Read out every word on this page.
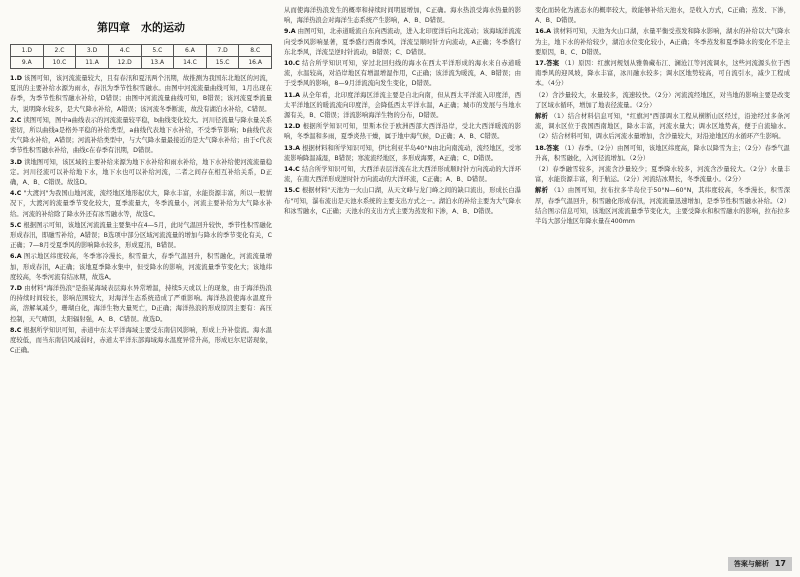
第四章　水的运动
1.D	2.C	3.D	4.C	5.C	6.A	7.D	8.C
9.A	10.C	11.A	12.D	13.A	14.C	15.C	16.A
1.D 该图可知，该河流流量较大，且有春汛和夏汛两个汛期，故推测为我国东北地区的河流，夏汛的主要补给水源为雨水，春汛为季节性积雪融水。由图中河流流量曲线可知，1月出现在春季，为季节性积雪融水补给，D错误；由图中河流流量曲线可知，B错误；该河流夏季流量大，说明降水较多，是大气降水补给，A错误；该河流冬季断流，故没有湖泊水补给，C错误。
2.C 读图可知，图中a曲线表示的河流流量较平稳，b曲线变化较大。河川径流量与降水量关系密切，所以曲线a是格外平稳的补给类型，a曲线代表地下水补给，不受季节影响；b曲线代表大气降水补给，A错误；河流补给类型中，与大气降水量最接近的是大气降水补给；由于c代表季节性积雪融水补给，曲线c在春季有汛期，D错误。
3.D 读地图可知，该区域的主要补给来源为地下水补给和雨水补给，地下水补给使河流流量稳定。河川径流可以补给地下水，地下水也可以补给河流，二者之间存在相互补给关系，D正确，A、B、C错误。故选D。
4.C "大渡河"为我国山地河流，流经地区地形起伏大，降水丰富，水能资源丰富，所以一般情况下，大渡河的流量季节变化较大，夏季流量大，冬季流量小，河流主要补给为大气降水补给。河流的补给除了降水外还有冰雪融水等，故选C。
5.C 根据图示可知，该地区河流流量主要集中在4—5月，此时气温回升较快，季节性积雪融化形成春汛，即融雪补给，A错误；B选项中部分区域河流流量的增加与降水的季节变化有关，C正确；7—8月受夏季风的影响降水较多，形成夏汛，B错误。
6.A 图示地区纬度较高，冬季寒冷漫长，积雪量大，春季气温回升，积雪融化，河流流量增加，形成春汛，A正确；该地夏季降水集中，但受降水的影响，河流流量季节变化大；该地纬度较高，冬季河流有结冰期，故选A。
7.D 由材料"海洋热浪"是指某海域表层海水异常增温，持续5天或以上的现象，由于海洋热浪的持续时间较长，影响范围较大，对海洋生态系统造成了严重影响。海洋热浪使海水温度升高，溶解氧减少，珊瑚白化，海洋生物大量死亡，D正确；海洋热浪的形成原因主要有：高压控制，天气晴朗，太阳辐射强，A、B、C错误。故选D。
8.C 根据所学知识可知，赤道中东太平洋海域主要受东南信风影响，形成上升补偿流。海水温度较低，而当东南信风减弱时，赤道太平洋东部海域海水温度异常升高，形成厄尔尼诺现象，C正确。
从而使海洋热浪发生的概率和持续时间明显增加，C正确。海水热浪受海水热量的影响，海洋热浪会对海洋生态系统产生影响，A、B、D错误。
9.A 由图可知，北赤道暖流自东向西流动，进入北印度洋后向北流动；该海域洋流流向受季风影响显著，夏季盛行西南季风，洋流呈顺时针方向流动，A正确；冬季盛行东北季风，洋流呈逆时针流动，B错误；C、D错误。
10.C 结合所学知识可知，穿过北回归线的海水在西太平洋形成的海水来自赤道暖流，水温较高，对沿岸地区有增温增湿作用，C正确；该洋流为暖流，A、B错误；由于受季风的影响，8—9月洋流流向发生变化，D错误。
11.A 从全年看，北印度洋海区洋流主要是自北向南，但从西太平洋流入印度洋，西太平洋地区的暖流流向印度洋，会降低西太平洋水温，A正确；城市的发展与当地水源有关，B、C错误；洋流影响海洋生物的分布，D错误。
12.D 根据所学知识可知，里斯本位于欧洲西部大西洋沿岸，受北大西洋暖流的影响，冬季温和多雨，夏季炎热干燥，属于地中海气候，D正确；A、B、C错误。
13.A 根据材料和所学知识可知，伊比利亚半岛40°N由北向南流动，流经地区，受寒流影响降温减湿，B错误；寒流流经地区，多形成海雾，A正确；C、D错误。
14.C 结合所学知识可知，大西洋表层洋流在北大西洋形成顺时针方向流动的大洋环流，在南大西洋形成逆时针方向流动的大洋环流，C正确；A、B、D错误。
15.C 根据材料"天池为一火山口湖，从天文峰与龙门峰之间的缺口流出，形成长白瀑布"可知，瀑布流出是天池水系统的主要支出方式之一。湖泊水的补给主要为大气降水和冰雪融水，C正确；天池水的支出方式主要为蒸发和下渗，A、B、D错误。
变化而转化为液态水的概率较大，故能够补给天池水，是收入方式，C正确；蒸发、下渗，A、B、D错误。
16.A 读材料可知，天池为火山口湖，水量平衡受蒸发和降水影响，湖水的补给以大气降水为主，地下水的补给较少，湖泊水位变化较小，A正确；冬季蒸发和夏季降水的变化不是主要原因，B、C、D错误。
17.答案 （1）原因：红旗河规划从雅鲁藏布江、澜沧江等河流调水，这些河流源头位于西南季风的迎风坡，降水丰富，冰川融水较多；调水区地势较高，可自流引水，减少工程成本。（4分）
（2）含沙量较大，水量较多，流速较快。（2分）河流流经地区，对当地的影响主要是改变了区域水循环，增加了地表径流量。（2分）
解析 （1）结合材料信息可知，"红旗河"西部调水工程从横断山区经过，沿途经过多条河流，调水区位于我国西南地区，降水丰富，河流水量大；调水区地势高，便于自流输水。（2）结合材料可知，调水后河流水量增加，含沙量较大，对沿途地区的水循环产生影响。
18.答案 （1）春季。（2分）由图可知，该地区纬度高，降水以降雪为主；（2分）春季气温升高，积雪融化，入河径流增加。（2分）
（2）春季融雪较多，河流含沙量较少；夏季降水较多，河流含沙量较大。（2分）水量丰富，水能资源丰富，利于航运。（2分）河流结冰期长，冬季流量小。（2分）
解析 （1）由图可知，拉布拉多半岛位于50°N—60°N，其纬度较高，冬季漫长，积雪深厚，春季气温回升，积雪融化形成春汛，河流流量迅速增加，是季节性积雪融水补给。（2）结合图示信息可知，该地区河流流量季节变化大，主要受降水和积雪融水的影响，拉布拉多半岛大部分地区年降水量在400mm
答案与解析 17
